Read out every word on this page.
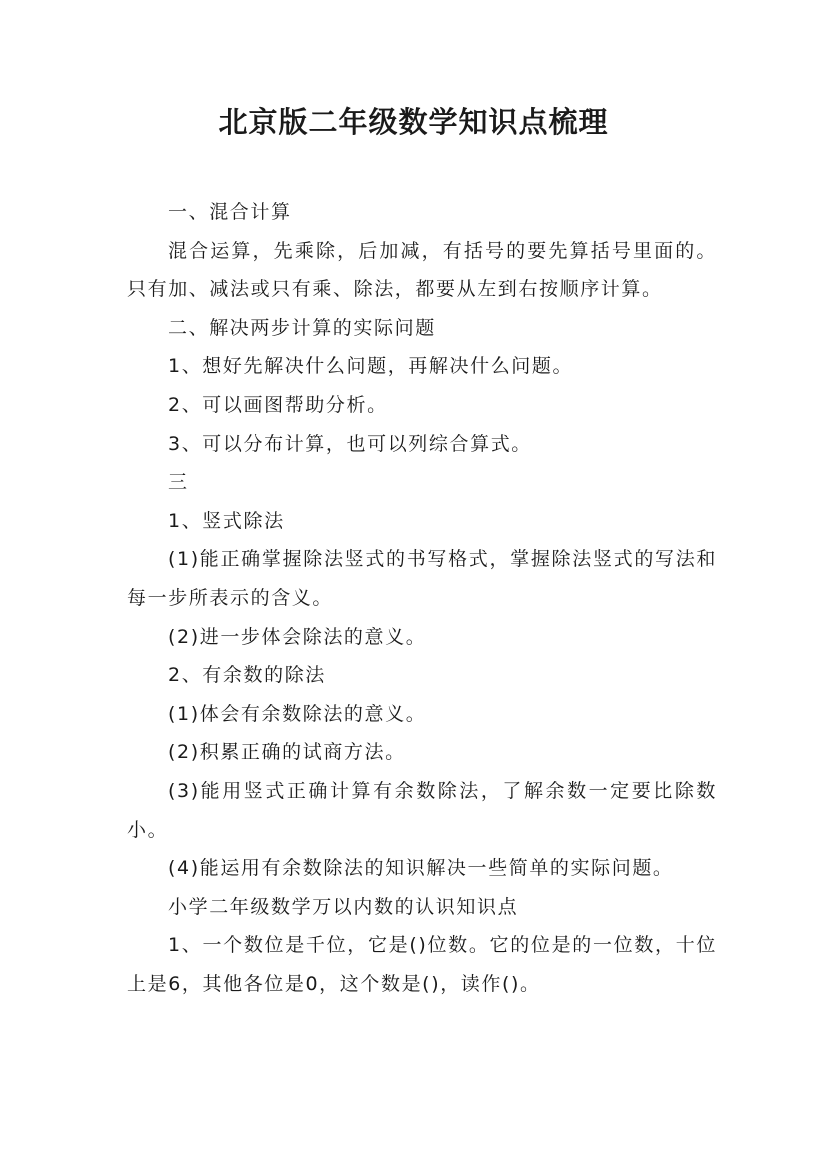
北京版二年级数学知识点梳理

一、混合计算

混合运算，先乘除，后加减，有括号的要先算括号里面的。只有加、减法或只有乘、除法，都要从左到右按顺序计算。

二、解决两步计算的实际问题

1、想好先解决什么问题，再解决什么问题。

2、可以画图帮助分析。

3、可以分布计算，也可以列综合算式。

三

1、竖式除法

(1)能正确掌握除法竖式的书写格式，掌握除法竖式的写法和每一步所表示的含义。

(2)进一步体会除法的意义。

2、有余数的除法

(1)体会有余数除法的意义。

(2)积累正确的试商方法。

(3)能用竖式正确计算有余数除法，了解余数一定要比除数小。

(4)能运用有余数除法的知识解决一些简单的实际问题。

小学二年级数学万以内数的认识知识点

1、一个数位是千位，它是()位数。它的位是的一位数，十位上是6，其他各位是0，这个数是()，读作()。
